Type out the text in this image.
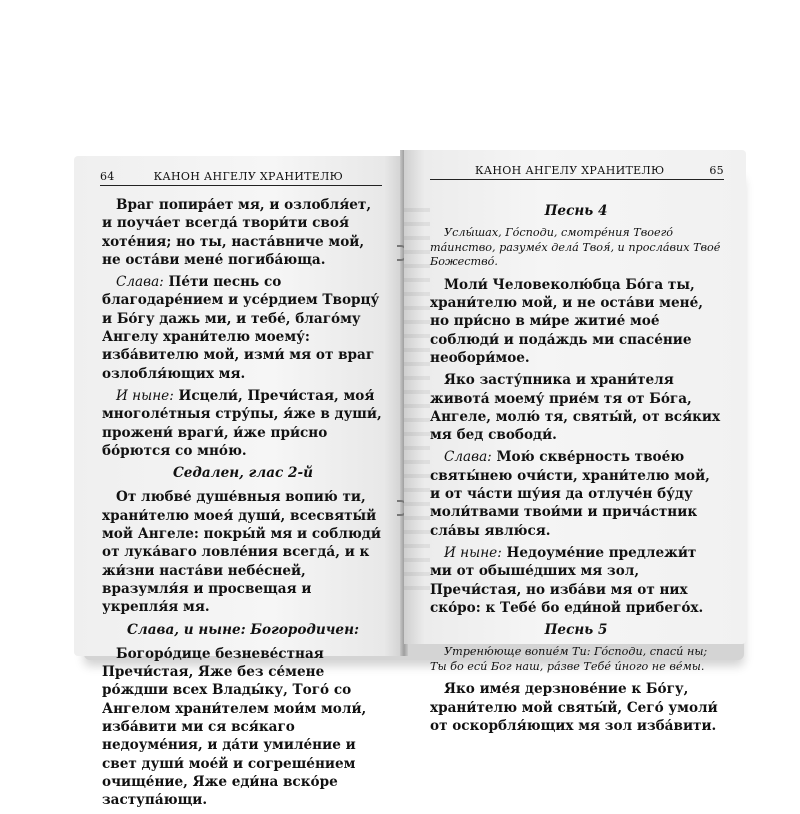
64	КАНОН АНГЕЛУ ХРАНИТЕЛЮ

Враг попира́ет мя, и озлобля́ет, и поуча́ет всегда́ твори́ти своя́ хоте́ния; но ты, наста́вниче мой, не оста́ви мене́ погиба́ющa.

Слава: Пе́ти песнь со благодаре́нием и усе́рдием Творцу́ и Бо́гу дажь ми, и тебе́, благо́му Ангелу храни́телю моему́: изба́вителю мой, изми́ мя от враг озлобля́ющих мя.

И ныне: Исцели́, Пречи́стая, моя́ многоле́тныя стру́пы, я́же в души́, прожени́ враги́, и́же при́сно бо́рются со мно́ю.

Седален, глас 2-й

От любве́ душе́вныя вопию́ ти, храни́телю моея́ души́, всесвяты́й мой Ангеле: покры́й мя и соблюди́ от лука́ваго ловле́ния всегда́, и к жи́зни наста́ви небе́сней, вразумля́я и просвещая и укрепля́я мя.

Слава, и ныне: Богородичен:

Богоро́дице безневе́стная Пречи́стая, Яже без се́мене ро́ждши всех Влады́ку, Того́ со Ангелом храни́телем мои́м моли́, изба́вити ми ся вся́каго недоуме́ния, и да́ти умиле́ние и свет души́ мое́й и согреше́нием очище́ние, Яже еди́на вско́ре заступа́ющи.

КАНОН АНГЕЛУ ХРАНИТЕЛЮ	65

Песнь 4

Услы́шах, Го́споди, смотре́ния Твоего́ та́инство, разуме́х дела́ Твоя́, и просла́вих Твое́ Божество́.

Моли́ Человеколю́бца Бо́га ты, храни́телю мой, и не оста́ви мене́, но при́сно в ми́ре житие́ мое́ соблюди́ и пода́ждь ми спасе́ние необори́мое.

Яко засту́пника и храни́теля живота́ моему́ прие́м тя от Бо́га, Ангеле, молю́ тя, святы́й, от вся́ких мя бед свободи́.

Слава: Мою́ скве́рность твое́ю святы́нею очи́сти, храни́телю мой, и от ча́сти шу́ия да отлуче́н бу́ду моли́твами твои́ми и прича́стник сла́вы явлю́ся.

И ныне: Недоуме́ние предлежи́т ми от обыше́дших мя зол, Пречи́стая, но изба́ви мя от них ско́ро: к Тебе́ бо еди́ной прибего́х.

Песнь 5

Утреню́юще вопие́м Ти: Го́споди, спаси́ ны; Ты бо еси́ Бог наш, ра́зве Тебе́ и́ного не ве́мы.

Яко име́я дерзнове́ние к Бо́гу, храни́телю мой святы́й, Сего́ умоли́ от оскорбля́ющих мя зол изба́вити.
